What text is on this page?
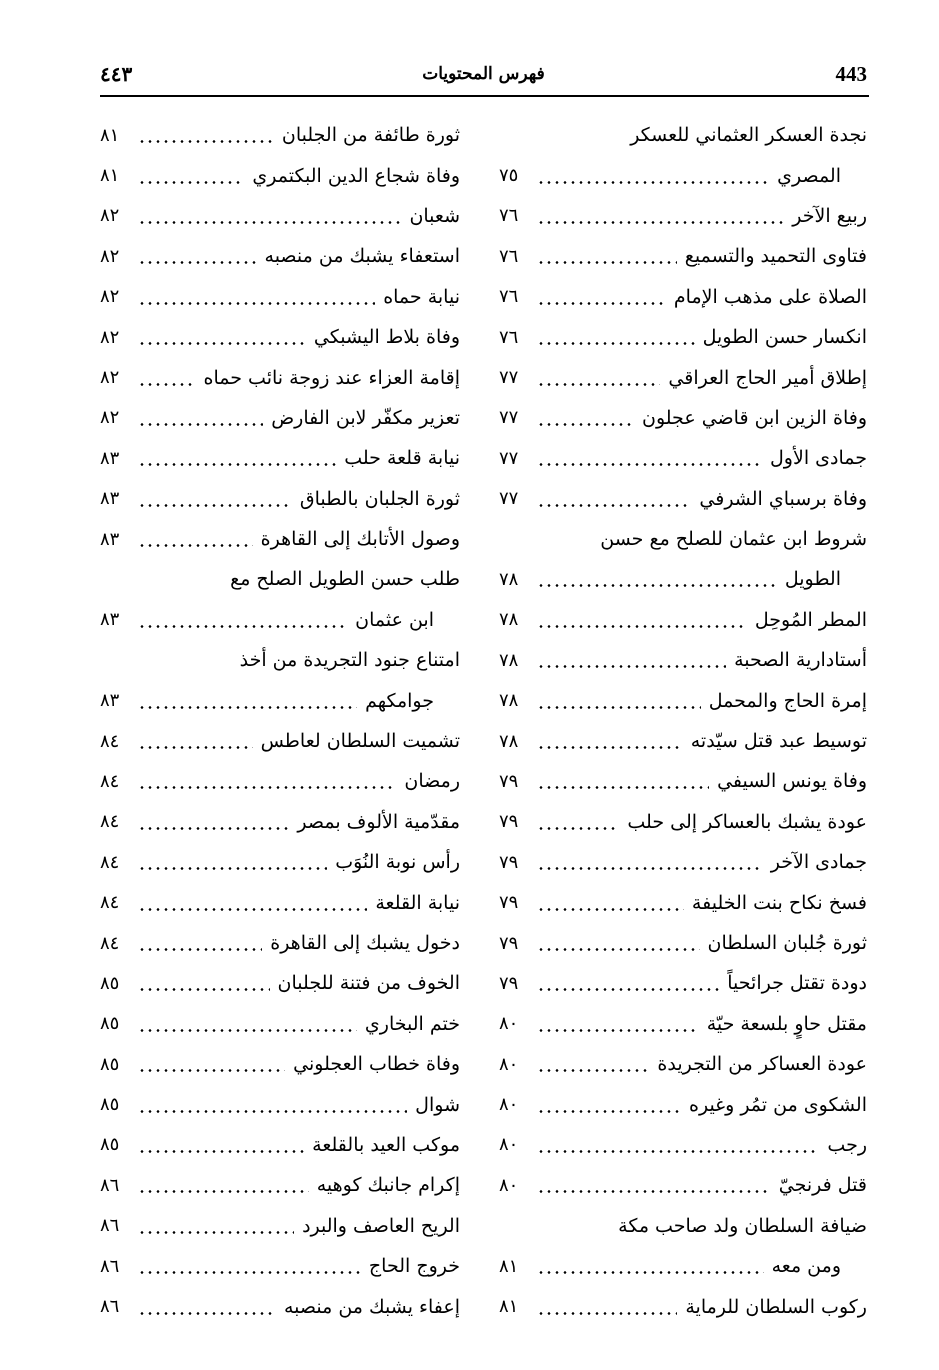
443
فهرس المحتويات
٤٤٣
نجدة العسكر العثماني للعسكر
المصري
٧٥
ربيع الآخر
٧٦
فتاوى التحميد والتسميع
٧٦
الصلاة على مذهب الإمام
٧٦
انكسار حسن الطويل
٧٦
إطلاق أمير الحاج العراقي
٧٧
وفاة الزين ابن قاضي عجلون
٧٧
جمادى الأول
٧٧
وفاة برسباي الشرفي
٧٧
شروط ابن عثمان للصلح مع حسن
الطويل
٧٨
المطر المُوحِل
٧٨
أستادارية الصحبة
٧٨
إمرة الحاج والمحمل
٧٨
توسيط عبد قتل سيّدته
٧٨
وفاة يونس السيفي
٧٩
عودة يشبك بالعساكر إلى حلب
٧٩
جمادى الآخر
٧٩
فسخ نكاح بنت الخليفة
٧٩
ثورة جُلبان السلطان
٧٩
دودة تقتل جرائحياً
٧٩
مقتل حاوٍ بلسعة حيّة
٨٠
عودة العساكر من التجريدة
٨٠
الشكوى من تمُر وغيره
٨٠
رجب
٨٠
قتل فرنجيّ
٨٠
ضيافة السلطان ولد صاحب مكة
ومن معه
٨١
ركوب السلطان للرماية
٨١
ثورة طائفة من الجلبان
٨١
وفاة شجاع الدين البكتمري
٨١
شعبان
٨٢
استعفاء يشبك من منصبه
٨٢
نيابة حماه
٨٢
وفاة بلاط اليشبكي
٨٢
إقامة العزاء عند زوجة نائب حماه
٨٢
تعزير مكفّر لابن الفارض
٨٢
نيابة قلعة حلب
٨٣
ثورة الجلبان بالطباق
٨٣
وصول الأتابك إلى القاهرة
٨٣
طلب حسن الطويل الصلح مع
ابن عثمان
٨٣
امتناع جنود التجريدة من أخذ
جوامكهم
٨٣
تشميت السلطان لعاطس
٨٤
رمضان
٨٤
مقدّمية الألوف بمصر
٨٤
رأس نوبة النُوَب
٨٤
نيابة القلعة
٨٤
دخول يشبك إلى القاهرة
٨٤
الخوف من فتنة للجلبان
٨٥
ختم البخاري
٨٥
وفاة خطاب العجلوني
٨٥
شوال
٨٥
موكب العيد بالقلعة
٨٥
إكرام جانبك كوهيه
٨٦
الريح العاصف والبرد
٨٦
خروج الحاج
٨٦
إعفاء يشبك من منصبه
٨٦
